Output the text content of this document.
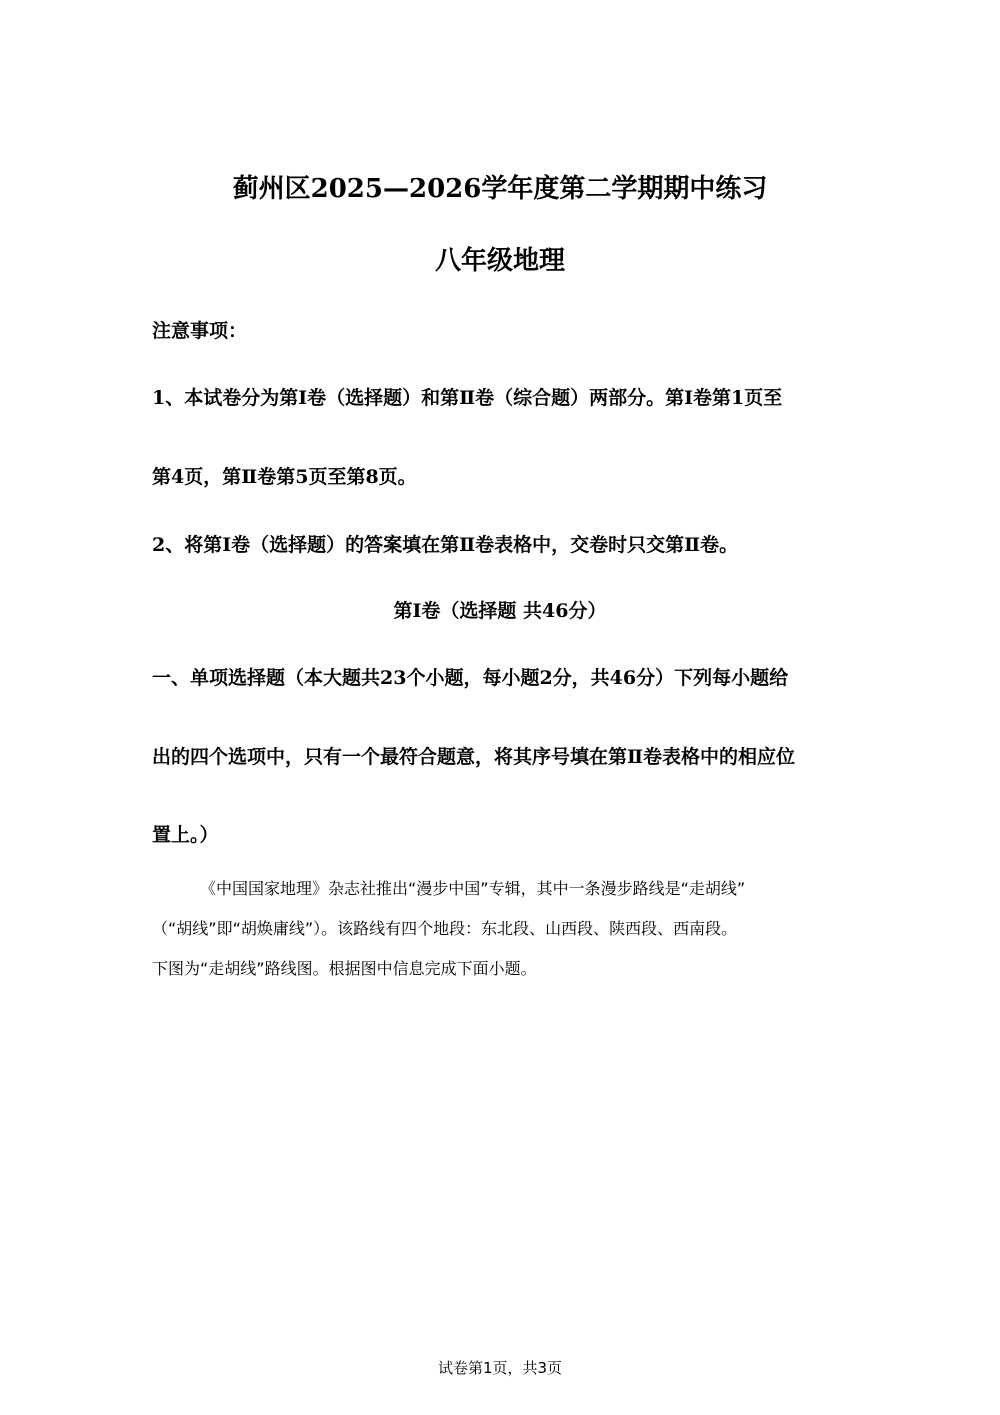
蓟州区2025—2026学年度第二学期期中练习
八年级地理
注意事项：
1、本试卷分为第Ⅰ卷（选择题）和第Ⅱ卷（综合题）两部分。第Ⅰ卷第1页至
第4页，第Ⅱ卷第5页至第8页。
2、将第Ⅰ卷（选择题）的答案填在第Ⅱ卷表格中，交卷时只交第Ⅱ卷。
第Ⅰ卷（选择题 共46分）
一、单项选择题（本大题共23个小题，每小题2分，共46分）下列每小题给
出的四个选项中，只有一个最符合题意，将其序号填在第Ⅱ卷表格中的相应位
置上。）
《中国国家地理》杂志社推出“漫步中国”专辑，其中一条漫步路线是“走胡线”
（“胡线”即“胡焕庸线”）。该路线有四个地段：东北段、山西段、陕西段、西南段。
下图为“走胡线”路线图。根据图中信息完成下面小题。
试卷第1页，共3页
